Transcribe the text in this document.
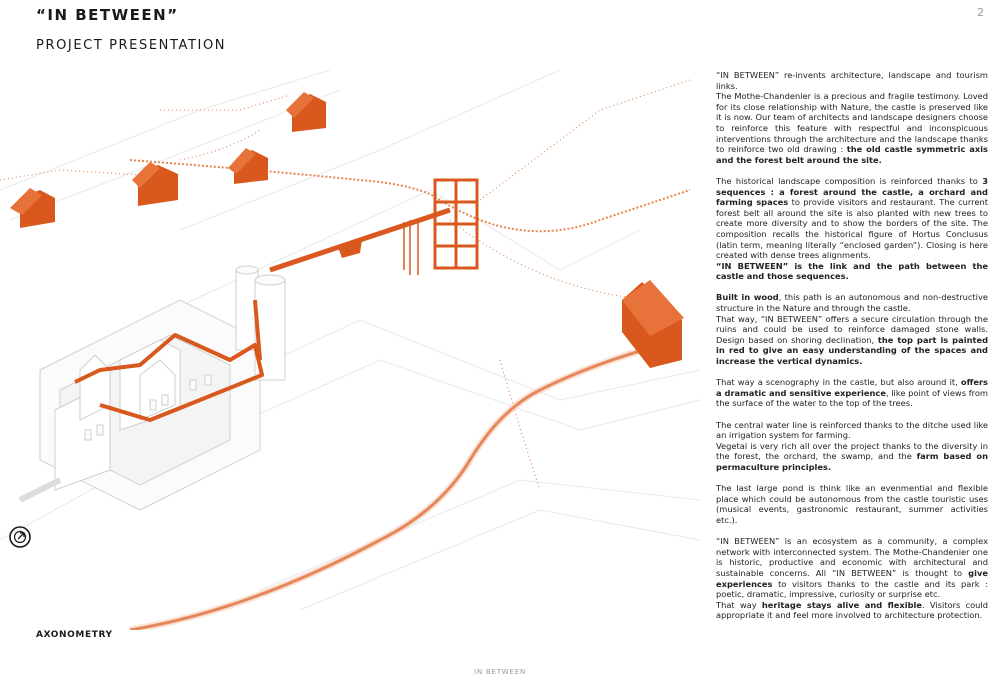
“IN BETWEEN”
PROJECT PRESENTATION
2
AXONOMETRY
IN BETWEEN

“IN BETWEEN” re-invents architecture, landscape and tourism links.

The Mothe-Chandenier is a precious and fragile testimony. Loved for its close relationship with Nature, the castle is preserved like it is now. Our team of architects and landscape designers choose to reinforce this feature with respectful and inconspicuous interventions through the architecture and the landscape thanks to reinforce two old drawing : the old castle symmetric axis and the forest belt around the site.

The historical landscape composition is reinforced thanks to 3 sequences : a forest around the castle, a orchard and farming spaces to provide visitors and restaurant. The current forest belt all around the site is also planted with new trees to create more diversity and to show the borders of the site. The composition recalls the historical figure of Hortus Conclusus (latin term, meaning literally “enclosed garden”). Closing is here created with dense trees alignments.

“IN BETWEEN” is the link and the path between the castle and those sequences.

Built in wood, this path is an autonomous and non-destructive structure in the Nature and through the castle.

That way, “IN BETWEEN” offers a secure circulation through the ruins and could be used to reinforce damaged stone walls. Design based on shoring declination, the top part is painted in red to give an easy understanding of the spaces and increase the vertical dynamics.

That way a scenography in the castle, but also around it, offers a dramatic and sensitive experience, like point of views from the surface of the water to the top of the trees.

The central water line is reinforced thanks to the ditche used like an irrigation system for farming.

Vegetal is very rich all over the project thanks to the diversity in the forest, the orchard, the swamp, and the farm based on permaculture principles.

The last large pond is think like an evenmential and flexible place which could be autonomous from the castle touristic uses (musical events, gastronomic restaurant, summer activities etc.).

“IN BETWEEN” is an ecosystem as a community, a complex network with interconnected system. The Mothe-Chandenier one is historic, productive and economic with architectural and sustainable concerns. All “IN BETWEEN” is thought to give experiences to visitors thanks to the castle and its park : poetic, dramatic, impressive, curiosity or surprise etc.

That way heritage stays alive and flexible. Visitors could appropriate it and feel more involved to architecture protection.
